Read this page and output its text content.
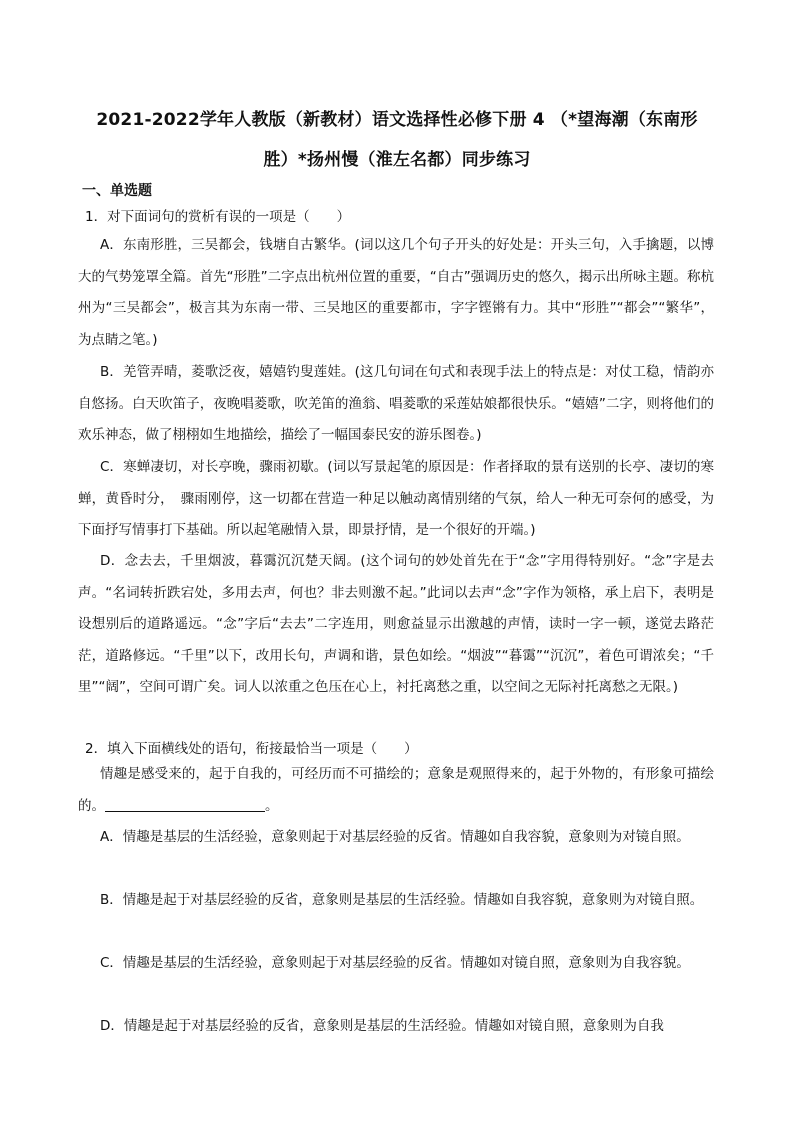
2021-2022学年人教版（新教材）语文选择性必修下册 4 （*望海潮（东南形
胜）*扬州慢（淮左名都）同步练习
一、单选题
1．对下面词句的赏析有误的一项是（　　）
A．东南形胜，三吴都会，钱塘自古繁华。(词以这几个句子开头的好处是：开头三句，入手擒题，以博大的气势笼罩全篇。首先“形胜”二字点出杭州位置的重要，“自古”强调历史的悠久，揭示出所咏主题。称杭州为“三吴都会”，极言其为东南一带、三吴地区的重要都市，字字铿锵有力。其中“形胜”“都会”“繁华”，为点睛之笔。)
B．羌管弄晴，菱歌泛夜，嬉嬉钓叟莲娃。(这几句词在句式和表现手法上的特点是：对仗工稳，情韵亦自悠扬。白天吹笛子，夜晚唱菱歌，吹羌笛的渔翁、唱菱歌的采莲姑娘都很快乐。“嬉嬉”二字，则将他们的欢乐神态，做了栩栩如生地描绘，描绘了一幅国泰民安的游乐图卷。)
C．寒蝉凄切，对长亭晚，骤雨初歇。(词以写景起笔的原因是：作者择取的景有送别的长亭、凄切的寒蝉，黄昏时分，　骤雨刚停，这一切都在营造一种足以触动离情别绪的气氛，给人一种无可奈何的感受，为下面抒写情事打下基础。所以起笔融情入景，即景抒情，是一个很好的开端。)
D．念去去，千里烟波，暮霭沉沉楚天阔。(这个词句的妙处首先在于“念”字用得特别好。“念”字是去声。“名词转折跌宕处，多用去声，何也？非去则激不起。”此词以去声“念”字作为领格，承上启下，表明是设想别后的道路遥远。“念”字后“去去”二字连用，则愈益显示出激越的声情，读时一字一顿，遂觉去路茫茫，道路修远。“千里”以下，改用长句，声调和谐，景色如绘。“烟波”“暮霭”“沉沉”，着色可谓浓矣；“千里”“阔”，空间可谓广矣。词人以浓重之色压在心上，衬托离愁之重，以空间之无际衬托离愁之无限。)
2．填入下面横线处的语句，衔接最恰当一项是（　　）
情趣是感受来的，起于自我的，可经历而不可描绘的；意象是观照得来的，起于外物的，有形象可描绘的。	。
A．情趣是基层的生活经验，意象则起于对基层经验的反省。情趣如自我容貌，意象则为对镜自照。
B．情趣是起于对基层经验的反省，意象则是基层的生活经验。情趣如自我容貌，意象则为对镜自照。
C．情趣是基层的生活经验，意象则起于对基层经验的反省。情趣如对镜自照，意象则为自我容貌。
D．情趣是起于对基层经验的反省，意象则是基层的生活经验。情趣如对镜自照，意象则为自我
